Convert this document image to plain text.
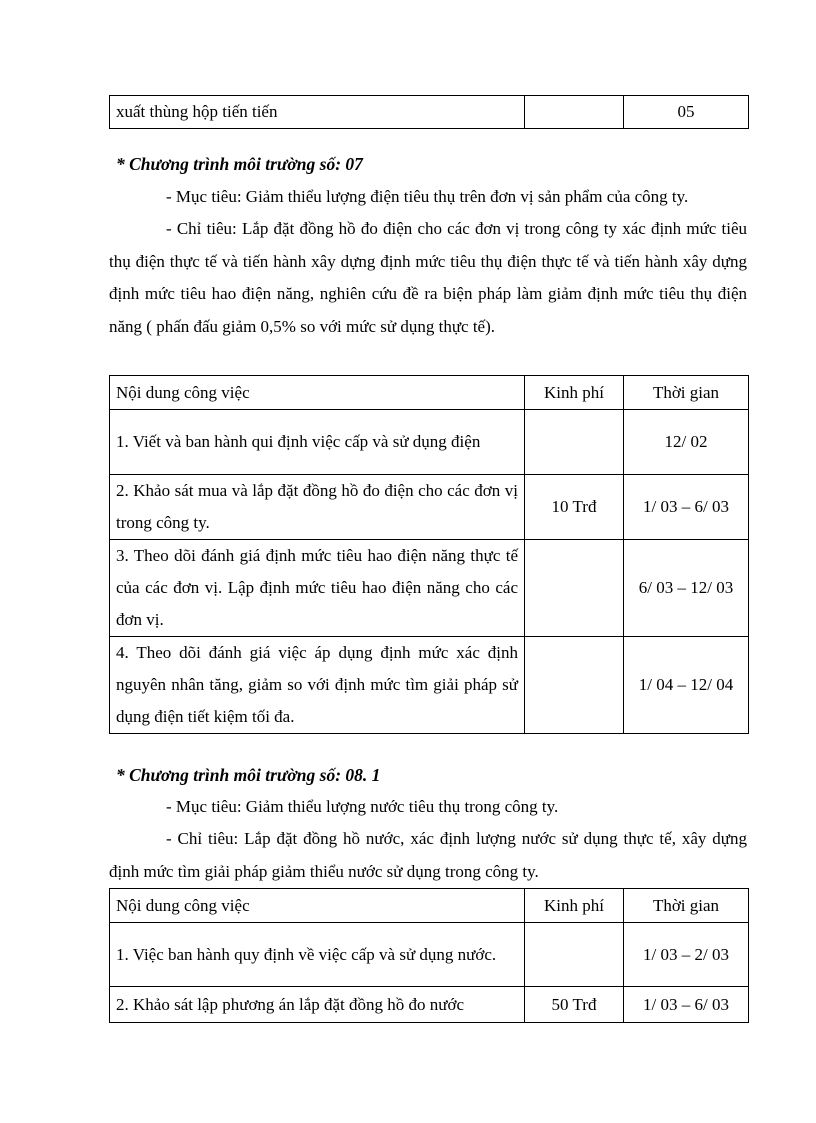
xuất thùng hộp tiến tiến		05
* Chương trình môi trường số: 07
- Mục tiêu: Giảm thiểu lượng điện tiêu thụ trên đơn vị sản phẩm của công ty.
- Chỉ tiêu: Lắp đặt đồng hồ đo điện cho các đơn vị trong công ty xác định mức tiêu thụ điện thực tế và tiến hành xây dựng định mức tiêu thụ điện thực tế và tiến hành xây dựng định mức tiêu hao điện năng, nghiên cứu đề ra biện pháp làm giảm định mức tiêu thụ điện năng ( phấn đấu giảm 0,5% so với mức sử dụng thực tế).
Nội dung công việc	Kinh phí	Thời gian
1. Viết và ban hành qui định việc cấp và sử dụng điện		12/ 02
2. Khảo sát mua và lắp đặt đồng hồ đo điện cho các đơn vị trong công ty.	10 Trđ	1/ 03 – 6/ 03
3. Theo dõi đánh giá định mức tiêu hao điện năng thực tế của các đơn vị. Lập định mức tiêu hao điện năng cho các đơn vị.		6/ 03 – 12/ 03
4. Theo dõi đánh giá việc áp dụng định mức xác định nguyên nhân tăng, giảm so với định mức tìm giải pháp sử dụng điện tiết kiệm tối đa.		1/ 04 – 12/ 04
* Chương trình môi trường số: 08. 1
- Mục tiêu: Giảm thiểu lượng nước tiêu thụ trong công ty.
- Chỉ tiêu: Lắp đặt đồng hồ nước, xác định lượng nước sử dụng thực tế, xây dựng định mức tìm giải pháp giảm thiểu nước sử dụng trong công ty.
Nội dung công việc	Kinh phí	Thời gian
1. Việc ban hành quy định về việc cấp và sử dụng nước.		1/ 03 – 2/ 03
2. Khảo sát lập phương án lắp đặt đồng hồ đo nước	50 Trđ	1/ 03 – 6/ 03
